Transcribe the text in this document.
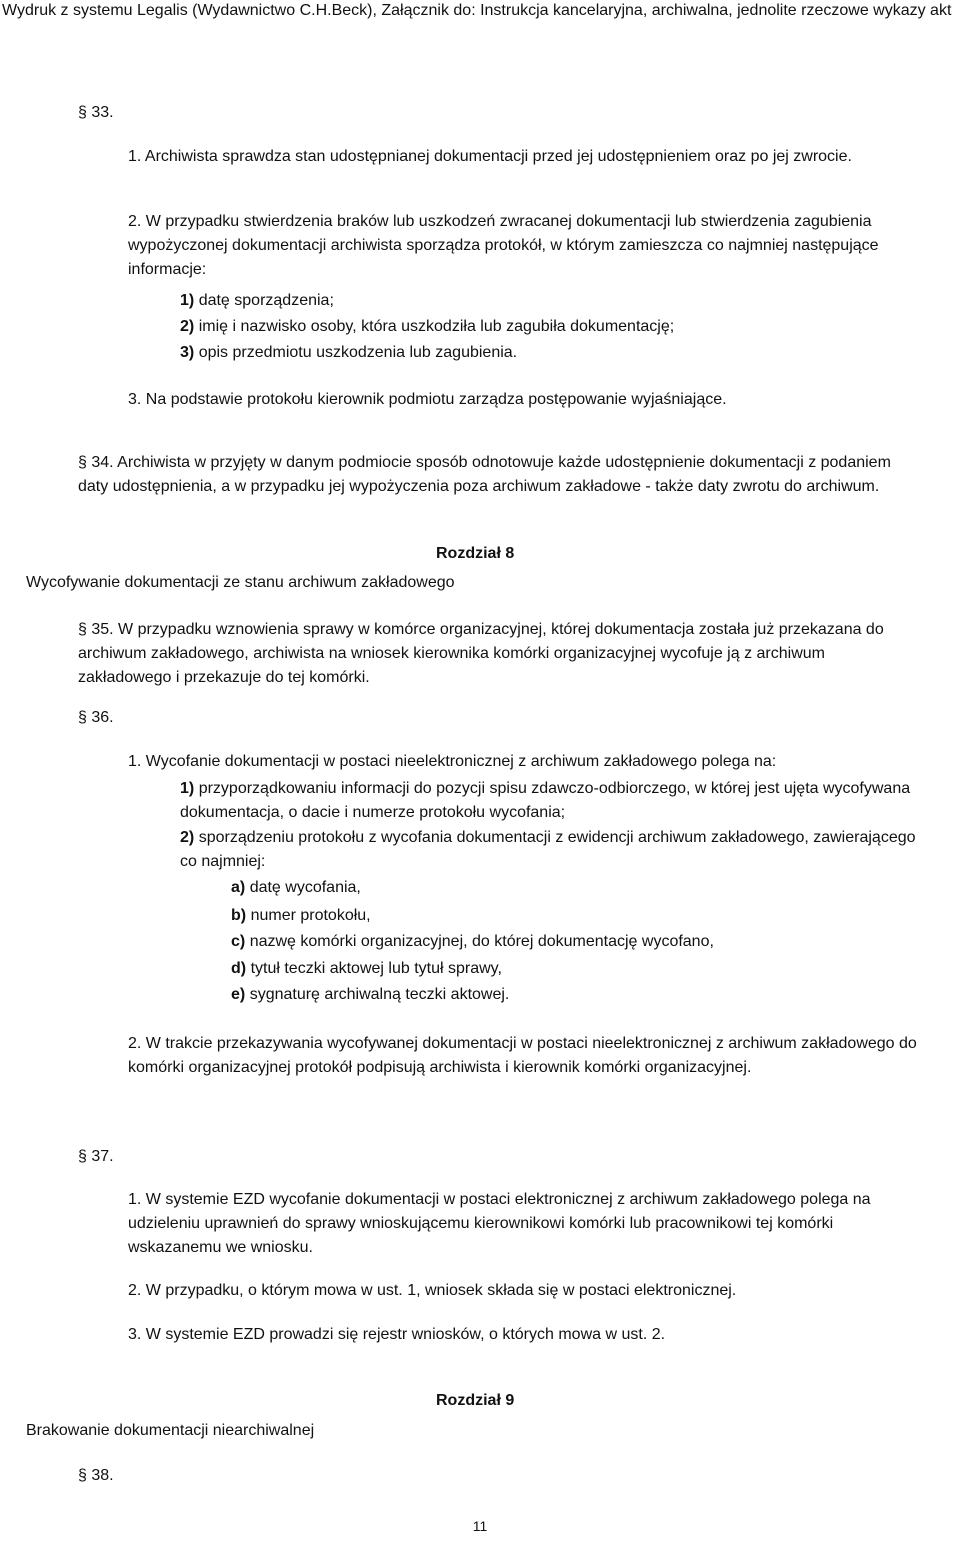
Wydruk z systemu Legalis (Wydawnictwo C.H.Beck), Załącznik do: Instrukcja kancelaryjna, archiwalna, jednolite rzeczowe wykazy akt
§ 33.
1. Archiwista sprawdza stan udostępnianej dokumentacji przed jej udostępnieniem oraz po jej zwrocie.
2. W przypadku stwierdzenia braków lub uszkodzeń zwracanej dokumentacji lub stwierdzenia zagubienia wypożyczonej dokumentacji archiwista sporządza protokół, w którym zamieszcza co najmniej następujące informacje:
1) datę sporządzenia;
2) imię i nazwisko osoby, która uszkodziła lub zagubiła dokumentację;
3) opis przedmiotu uszkodzenia lub zagubienia.
3. Na podstawie protokołu kierownik podmiotu zarządza postępowanie wyjaśniające.
§ 34. Archiwista w przyjęty w danym podmiocie sposób odnotowuje każde udostępnienie dokumentacji z podaniem daty udostępnienia, a w przypadku jej wypożyczenia poza archiwum zakładowe - także daty zwrotu do archiwum.
Rozdział 8
Wycofywanie dokumentacji ze stanu archiwum zakładowego
§ 35. W przypadku wznowienia sprawy w komórce organizacyjnej, której dokumentacja została już przekazana do archiwum zakładowego, archiwista na wniosek kierownika komórki organizacyjnej wycofuje ją z archiwum zakładowego i przekazuje do tej komórki.
§ 36.
1. Wycofanie dokumentacji w postaci nieelektronicznej z archiwum zakładowego polega na:
1) przyporządkowaniu informacji do pozycji spisu zdawczo-odbiorczego, w której jest ujęta wycofywana dokumentacja, o dacie i numerze protokołu wycofania;
2) sporządzeniu protokołu z wycofania dokumentacji z ewidencji archiwum zakładowego, zawierającego co najmniej:
a) datę wycofania,
b) numer protokołu,
c) nazwę komórki organizacyjnej, do której dokumentację wycofano,
d) tytuł teczki aktowej lub tytuł sprawy,
e) sygnaturę archiwalną teczki aktowej.
2. W trakcie przekazywania wycofywanej dokumentacji w postaci nieelektronicznej z archiwum zakładowego do komórki organizacyjnej protokół podpisują archiwista i kierownik komórki organizacyjnej.
§ 37.
1. W systemie EZD wycofanie dokumentacji w postaci elektronicznej z archiwum zakładowego polega na udzieleniu uprawnień do sprawy wnioskującemu kierownikowi komórki lub pracownikowi tej komórki wskazanemu we wniosku.
2. W przypadku, o którym mowa w ust. 1, wniosek składa się w postaci elektronicznej.
3. W systemie EZD prowadzi się rejestr wniosków, o których mowa w ust. 2.
Rozdział 9
Brakowanie dokumentacji niearchiwalnej
§ 38.
11
